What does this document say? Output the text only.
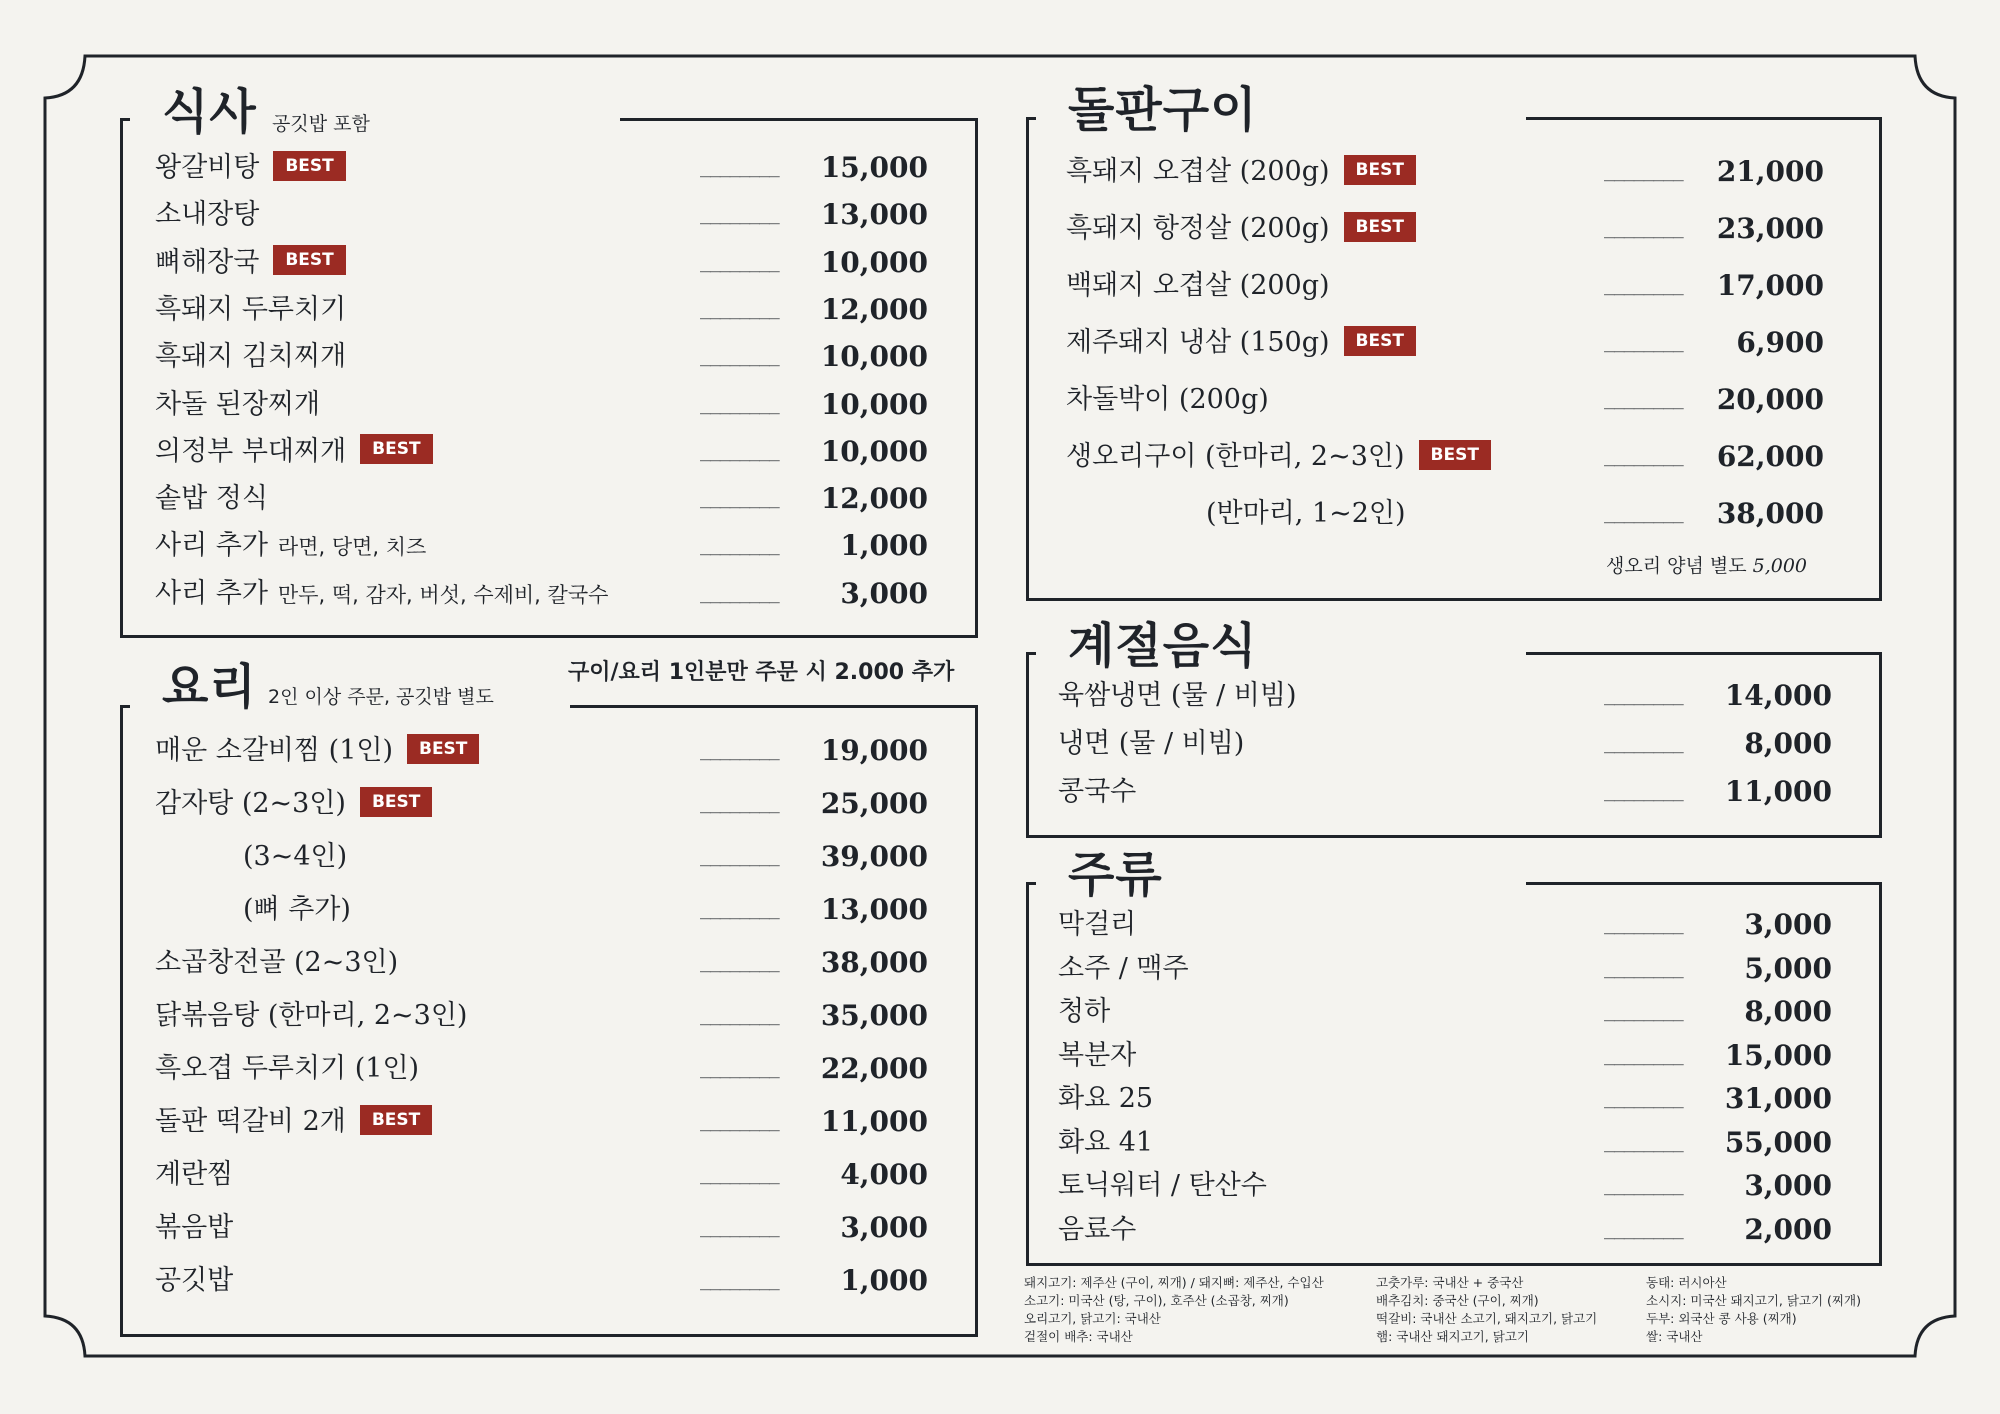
식사 공깃밥 포함
왕갈비탕 BEST	________	15,000
소내장탕	________	13,000
뼈해장국 BEST	________	10,000
흑돼지 두루치기	________	12,000
흑돼지 김치찌개	________	10,000
차돌 된장찌개	________	10,000
의정부 부대찌개 BEST	________	10,000
솥밥 정식	________	12,000
사리 추가 라면, 당면, 치즈	________	1,000
사리 추가 만두, 떡, 감자, 버섯, 수제비, 칼국수	________	3,000
요리 2인 이상 주문, 공깃밥 별도
구이/요리 1인분만 주문 시 2.000 추가
매운 소갈비찜 (1인) BEST	________	19,000
감자탕 (2~3인) BEST	________	25,000
(3~4인)	________	39,000
(뼈 추가)	________	13,000
소곱창전골 (2~3인)	________	38,000
닭볶음탕 (한마리, 2~3인)	________	35,000
흑오겹 두루치기 (1인)	________	22,000
돌판 떡갈비 2개 BEST	________	11,000
계란찜	________	4,000
볶음밥	________	3,000
공깃밥	________	1,000
돌판구이
흑돼지 오겹살 (200g) BEST	________	21,000
흑돼지 항정살 (200g) BEST	________	23,000
백돼지 오겹살 (200g)	________	17,000
제주돼지 냉삼 (150g) BEST	________	6,900
차돌박이 (200g)	________	20,000
생오리구이 (한마리, 2~3인) BEST	________	62,000
(반마리, 1~2인)	________	38,000
생오리 양념 별도 5,000
계절음식
육쌈냉면 (물 / 비빔)	________	14,000
냉면 (물 / 비빔)	________	8,000
콩국수	________	11,000
주류
막걸리	________	3,000
소주 / 맥주	________	5,000
청하	________	8,000
복분자	________	15,000
화요 25	________	31,000
화요 41	________	55,000
토닉워터 / 탄산수	________	3,000
음료수	________	2,000
돼지고기: 제주산 (구이, 찌개) / 돼지뼈: 제주산, 수입산
소고기: 미국산 (탕, 구이), 호주산 (소곱창, 찌개)
오리고기, 닭고기: 국내산
겉절이 배추: 국내산
고춧가루: 국내산 + 중국산
배추김치: 중국산 (구이, 찌개)
떡갈비: 국내산 소고기, 돼지고기, 닭고기
햄: 국내산 돼지고기, 닭고기
동태: 러시아산
소시지: 미국산 돼지고기, 닭고기 (찌개)
두부: 외국산 콩 사용 (찌개)
쌀: 국내산
